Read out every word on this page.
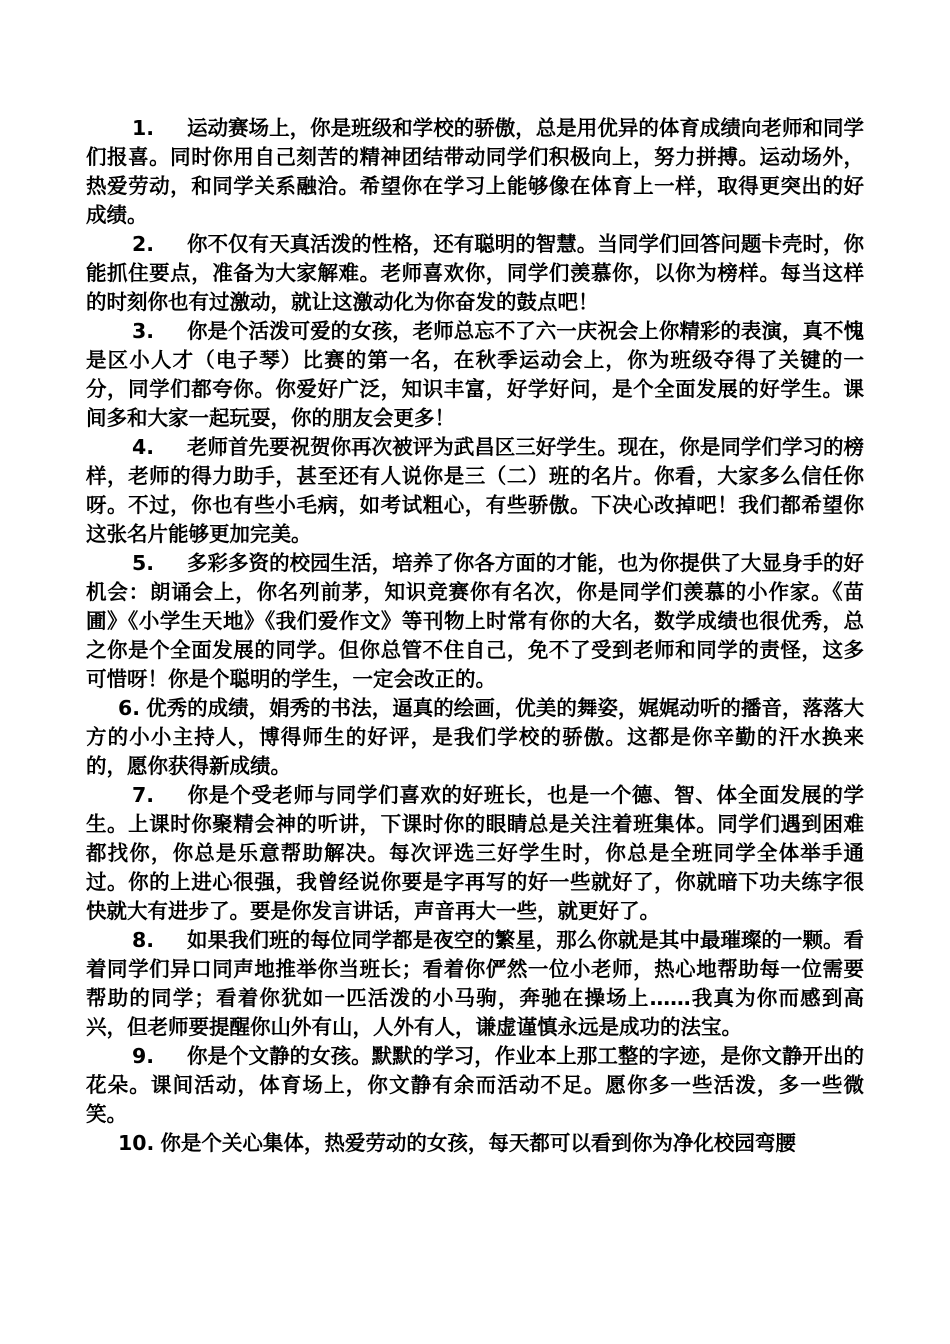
1. 运动赛场上，你是班级和学校的骄傲，总是用优异的体育成绩向老师和同学们报喜。同时你用自己刻苦的精神团结带动同学们积极向上，努力拼搏。运动场外，热爱劳动，和同学关系融洽。希望你在学习上能够像在体育上一样，取得更突出的好成绩。

2. 你不仅有天真活泼的性格，还有聪明的智慧。当同学们回答问题卡壳时，你能抓住要点，准备为大家解难。老师喜欢你，同学们羡慕你，以你为榜样。每当这样的时刻你也有过激动，就让这激动化为你奋发的鼓点吧！

3. 你是个活泼可爱的女孩，老师总忘不了六一庆祝会上你精彩的表演，真不愧是区小人才（电子琴）比赛的第一名，在秋季运动会上，你为班级夺得了关键的一分，同学们都夸你。你爱好广泛，知识丰富，好学好问，是个全面发展的好学生。课间多和大家一起玩耍，你的朋友会更多！

4. 老师首先要祝贺你再次被评为武昌区三好学生。现在，你是同学们学习的榜样，老师的得力助手，甚至还有人说你是三（二）班的名片。你看，大家多么信任你呀。不过，你也有些小毛病，如考试粗心，有些骄傲。下决心改掉吧！我们都希望你这张名片能够更加完美。

5. 多彩多资的校园生活，培养了你各方面的才能，也为你提供了大显身手的好机会：朗诵会上，你名列前茅，知识竞赛你有名次，你是同学们羡慕的小作家。《苗圃》《小学生天地》《我们爱作文》等刊物上时常有你的大名，数学成绩也很优秀，总之你是个全面发展的同学。但你总管不住自己，免不了受到老师和同学的责怪，这多可惜呀！你是个聪明的学生，一定会改正的。

6. 优秀的成绩，娟秀的书法，逼真的绘画，优美的舞姿，娓娓动听的播音，落落大方的小小主持人，博得师生的好评，是我们学校的骄傲。这都是你辛勤的汗水换来的，愿你获得新成绩。

7. 你是个受老师与同学们喜欢的好班长，也是一个德、智、体全面发展的学生。上课时你聚精会神的听讲，下课时你的眼睛总是关注着班集体。同学们遇到困难都找你，你总是乐意帮助解决。每次评选三好学生时，你总是全班同学全体举手通过。你的上进心很强，我曾经说你要是字再写的好一些就好了，你就暗下功夫练字很快就大有进步了。要是你发言讲话，声音再大一些，就更好了。

8. 如果我们班的每位同学都是夜空的繁星，那么你就是其中最璀璨的一颗。看着同学们异口同声地推举你当班长；看着你俨然一位小老师，热心地帮助每一位需要帮助的同学；看着你犹如一匹活泼的小马驹，奔驰在操场上……我真为你而感到高兴，但老师要提醒你山外有山，人外有人，谦虚谨慎永远是成功的法宝。

9. 你是个文静的女孩。默默的学习，作业本上那工整的字迹，是你文静开出的花朵。课间活动，体育场上，你文静有余而活动不足。愿你多一些活泼，多一些微笑。

10. 你是个关心集体，热爱劳动的女孩，每天都可以看到你为净化校园弯腰
